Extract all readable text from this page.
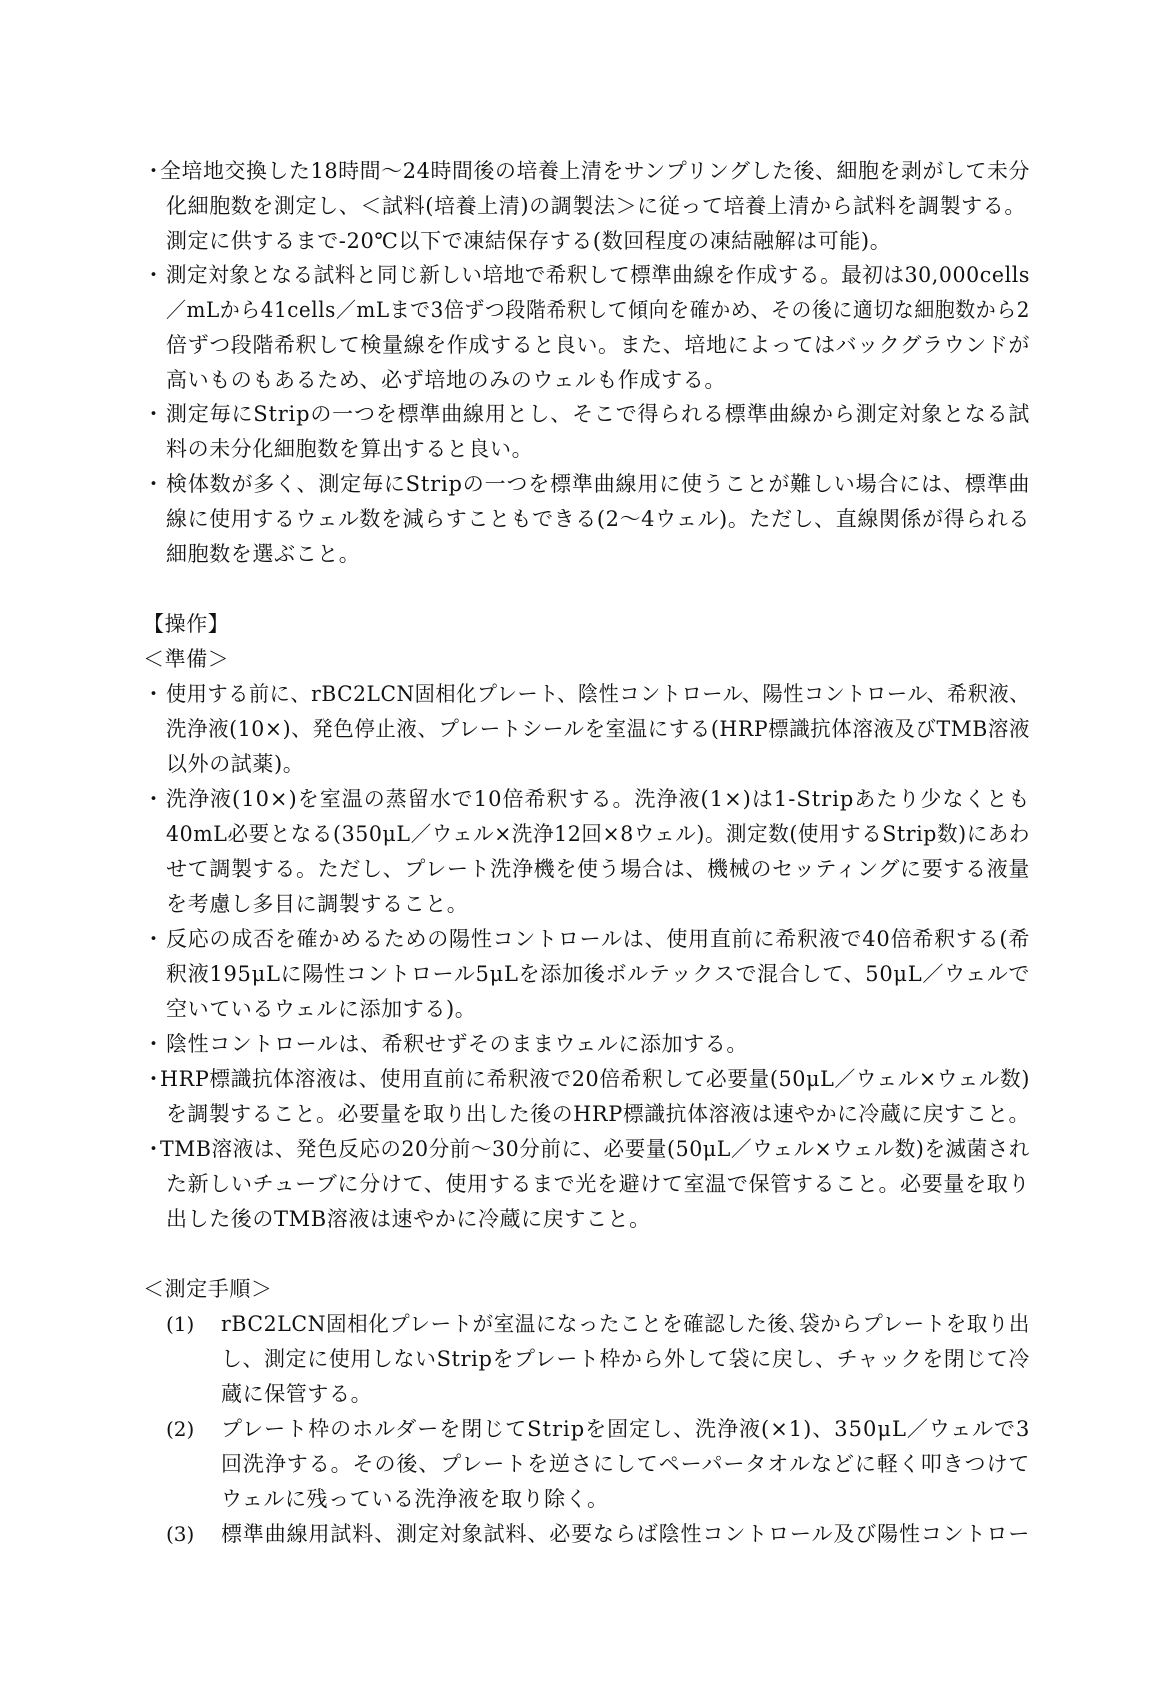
・
全培地交換した18時間～24時間後の培養上清をサンプリングした後、細胞を剥がして未分
化細胞数を測定し、＜試料(培養上清)の調製法＞に従って培養上清から試料を調製する。
測定に供するまで-20℃以下で凍結保存する(数回程度の凍結融解は可能)。
・ 測定対象となる試料と同じ新しい培地で希釈して標準曲線を作成する。最初は30,000cells
／mLから41cells／mLまで3倍ずつ段階希釈して傾向を確かめ、その後に適切な細胞数から2
倍ずつ段階希釈して検量線を作成すると良い。また、培地によってはバックグラウンドが
高いものもあるため、必ず培地のみのウェルも作成する。
・ 測定毎にStripの一つを標準曲線用とし、そこで得られる標準曲線から測定対象となる試
料の未分化細胞数を算出すると良い。
・ 検体数が多く、測定毎にStripの一つを標準曲線用に使うことが難しい場合には、標準曲
線に使用するウェル数を減らすこともできる(2～4ウェル)。ただし、直線関係が得られる
細胞数を選ぶこと。
【操作】
＜準備＞
・ 使用する前に、rBC2LCN固相化プレート、陰性コントロール、陽性コントロール、希釈液、
洗浄液(10×)、発色停止液、プレートシールを室温にする(HRP標識抗体溶液及びTMB溶液
以外の試薬)。
・ 洗浄液(10×)を室温の蒸留水で10倍希釈する。洗浄液(1×)は1-Stripあたり少なくとも
40mL必要となる(350μL／ウェル×洗浄12回×8ウェル)。測定数(使用するStrip数)にあわ
せて調製する。ただし、プレート洗浄機を使う場合は、機械のセッティングに要する液量
を考慮し多目に調製すること。
・ 反応の成否を確かめるための陽性コントロールは、使用直前に希釈液で40倍希釈する(希
釈液195μLに陽性コントロール5μLを添加後ボルテックスで混合して、50μL／ウェルで
空いているウェルに添加する)。
・ 陰性コントロールは、希釈せずそのままウェルに添加する。
・
HRP標識抗体溶液は、使用直前に希釈液で20倍希釈して必要量(50μL／ウェル×ウェル数)
を調製すること。必要量を取り出した後のHRP標識抗体溶液は速やかに冷蔵に戻すこと。
・
TMB溶液は、発色反応の20分前～30分前に、必要量(50μL／ウェル×ウェル数)を滅菌され
た新しいチューブに分けて、使用するまで光を避けて室温で保管すること。必要量を取り
出した後のTMB溶液は速やかに冷蔵に戻すこと。
＜測定手順＞
(1) rBC2LCN固相化プレートが室温になったことを確認した後､袋からプレートを取り出
し、測定に使用しないStripをプレート枠から外して袋に戻し、チャックを閉じて冷
蔵に保管する。
(2) プレート枠のホルダーを閉じてStripを固定し、洗浄液(×1)、350μL／ウェルで3
回洗浄する。その後、プレートを逆さにしてペーパータオルなどに軽く叩きつけて
ウェルに残っている洗浄液を取り除く。
(3) 標準曲線用試料、測定対象試料、必要ならば陰性コントロール及び陽性コントロー
